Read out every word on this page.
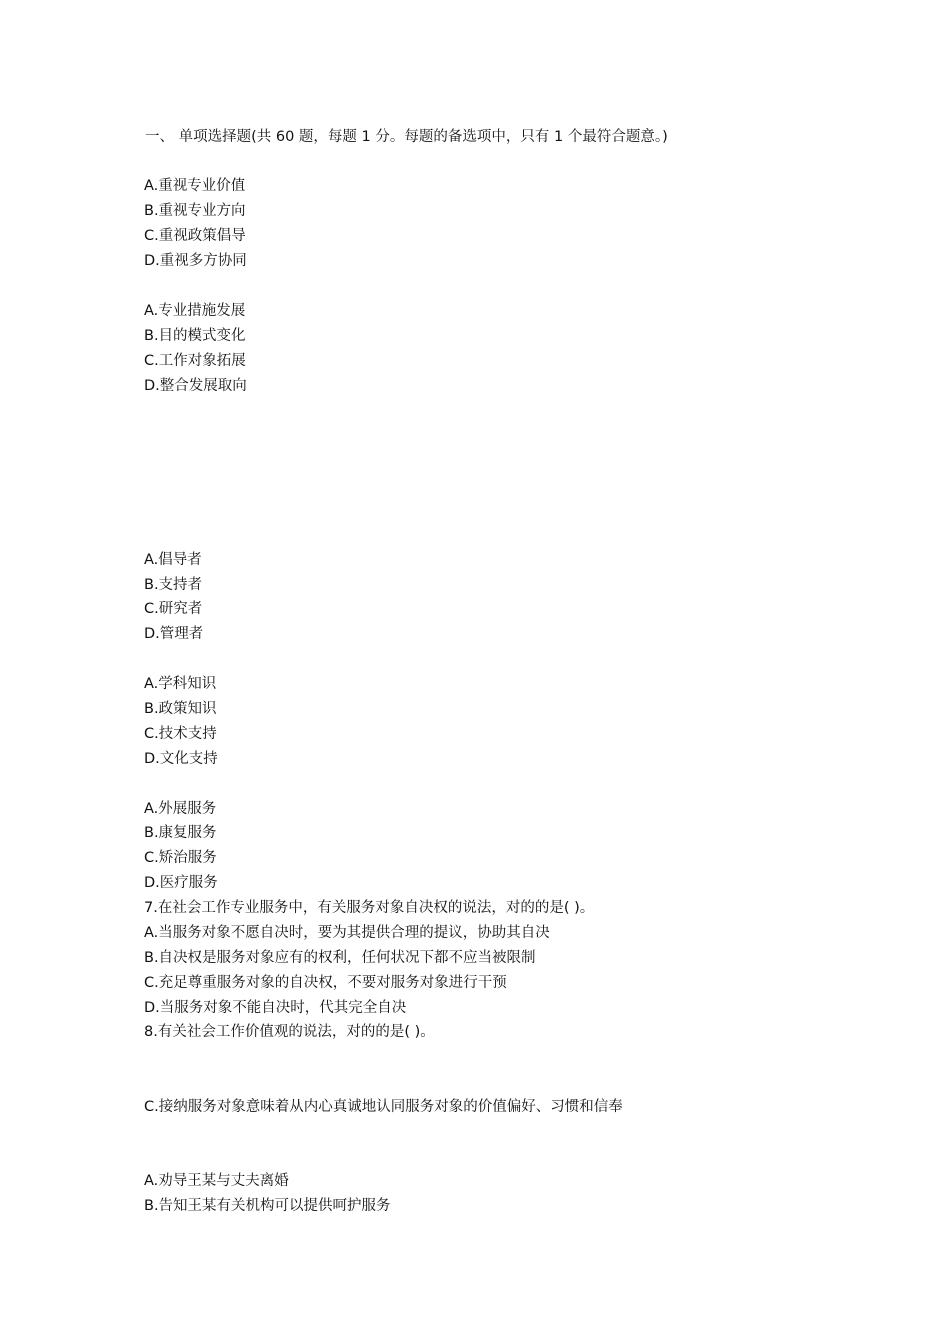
一、 单项选择题(共 60 题，每题 1 分。每题的备选项中，只有 1 个最符合题意。)
A.重视专业价值
B.重视专业方向
C.重视政策倡导
D.重视多方协同
A.专业措施发展
B.目的模式变化
C.工作对象拓展
D.整合发展取向
A.倡导者
B.支持者
C.研究者
D.管理者
A.学科知识
B.政策知识
C.技术支持
D.文化支持
A.外展服务
B.康复服务
C.矫治服务
D.医疗服务
7.在社会工作专业服务中，有关服务对象自决权的说法，对的的是( )。
A.当服务对象不愿自决时，要为其提供合理的提议，协助其自决
B.自决权是服务对象应有的权利，任何状况下都不应当被限制
C.充足尊重服务对象的自决权，不要对服务对象进行干预
D.当服务对象不能自决时，代其完全自决
8.有关社会工作价值观的说法，对的的是( )。
C.接纳服务对象意味着从内心真诚地认同服务对象的价值偏好、习惯和信奉
A.劝导王某与丈夫离婚
B.告知王某有关机构可以提供呵护服务
